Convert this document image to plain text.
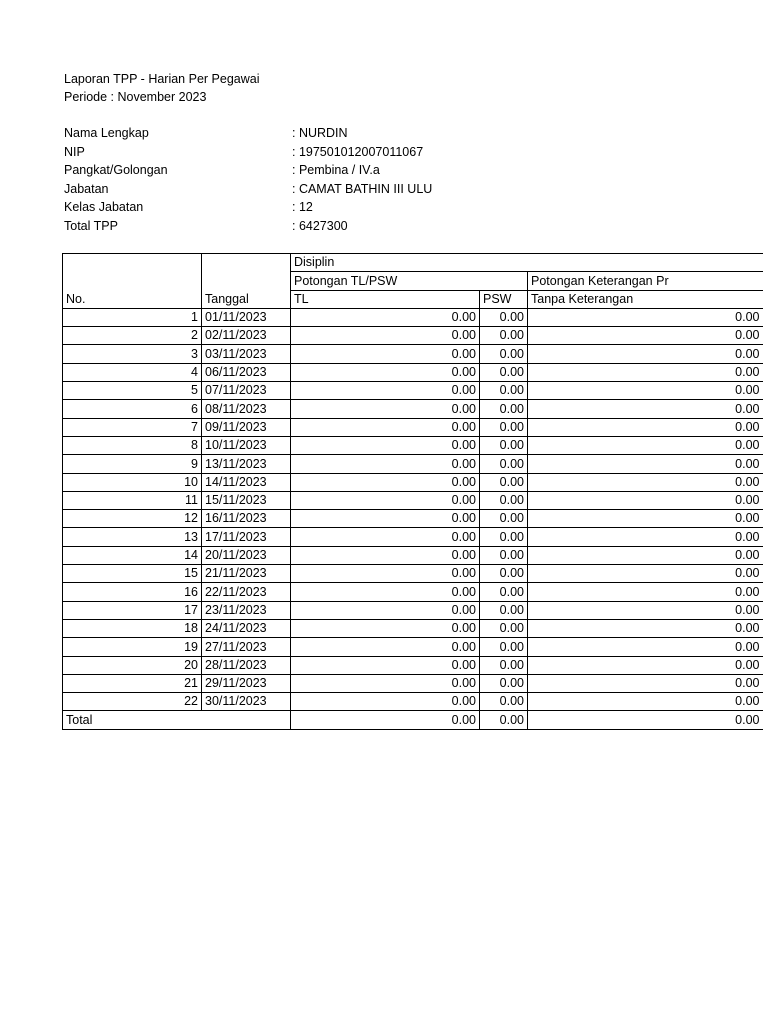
Laporan TPP - Harian Per Pegawai
Periode : November 2023
Nama Lengkap	: NURDIN
NIP	: 197501012007011067
Pangkat/Golongan	: Pembina / IV.a
Jabatan	: CAMAT BATHIN III ULU
Kelas Jabatan	: 12
Total TPP	: 6427300
		Disiplin		
		Potongan TL/PSW		Potongan Keterangan Pr
No.	Tanggal	TL	PSW	Tanpa Keterangan
1	01/11/2023	0.00	0.00	0.00
2	02/11/2023	0.00	0.00	0.00
3	03/11/2023	0.00	0.00	0.00
4	06/11/2023	0.00	0.00	0.00
5	07/11/2023	0.00	0.00	0.00
6	08/11/2023	0.00	0.00	0.00
7	09/11/2023	0.00	0.00	0.00
8	10/11/2023	0.00	0.00	0.00
9	13/11/2023	0.00	0.00	0.00
10	14/11/2023	0.00	0.00	0.00
11	15/11/2023	0.00	0.00	0.00
12	16/11/2023	0.00	0.00	0.00
13	17/11/2023	0.00	0.00	0.00
14	20/11/2023	0.00	0.00	0.00
15	21/11/2023	0.00	0.00	0.00
16	22/11/2023	0.00	0.00	0.00
17	23/11/2023	0.00	0.00	0.00
18	24/11/2023	0.00	0.00	0.00
19	27/11/2023	0.00	0.00	0.00
20	28/11/2023	0.00	0.00	0.00
21	29/11/2023	0.00	0.00	0.00
22	30/11/2023	0.00	0.00	0.00
Total		0.00	0.00	0.00
